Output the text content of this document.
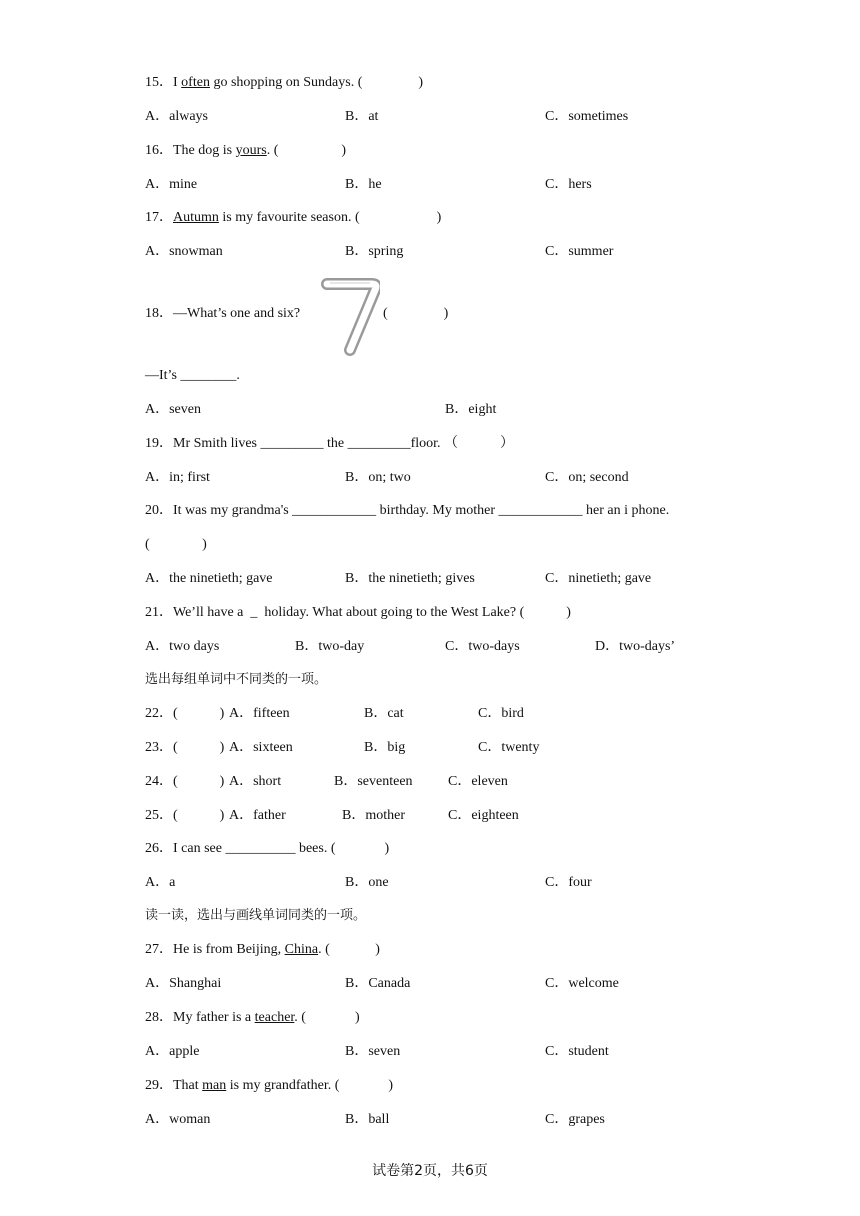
15．I often go shopping on Sundays. (                )
A．always	B．at	C．sometimes
16．The dog is yours. (                  )
A．mine	B．he	C．hers
17．Autumn is my favourite season. (                      )
A．snowman	B．spring	C．summer
18．—What’s one and six?	(                )
7
—It’s ________.
A．seven	B．eight
19．Mr Smith lives _________ the _________floor. （            ）
A．in; first	B．on; two	C．on; second
20．It was my grandma's ____________ birthday. My mother ____________ her an i phone.
(               )
A．the ninetieth; gave	B．the ninetieth; gives	C．ninetieth; gave
21．We’ll have a  _  holiday. What about going to the West Lake? (            )
A．two days	B．two-day	C．two-days	D．two-days’
选出每组单词中不同类的一项。
22．(            ) A．fifteen	B．cat	C．bird
23．(            ) A．sixteen	B．big	C．twenty
24．(            ) A．short	B．seventeen	C．eleven
25．(            ) A．father	B．mother	C．eighteen
26．I can see __________ bees. (              )
A．a	B．one	C．four
读一读，选出与画线单词同类的一项。
27．He is from Beijing, China. (             )
A．Shanghai	B．Canada	C．welcome
28．My father is a teacher. (              )
A．apple	B．seven	C．student
29．That man is my grandfather. (              )
A．woman	B．ball	C．grapes
试卷第2页，共6页
